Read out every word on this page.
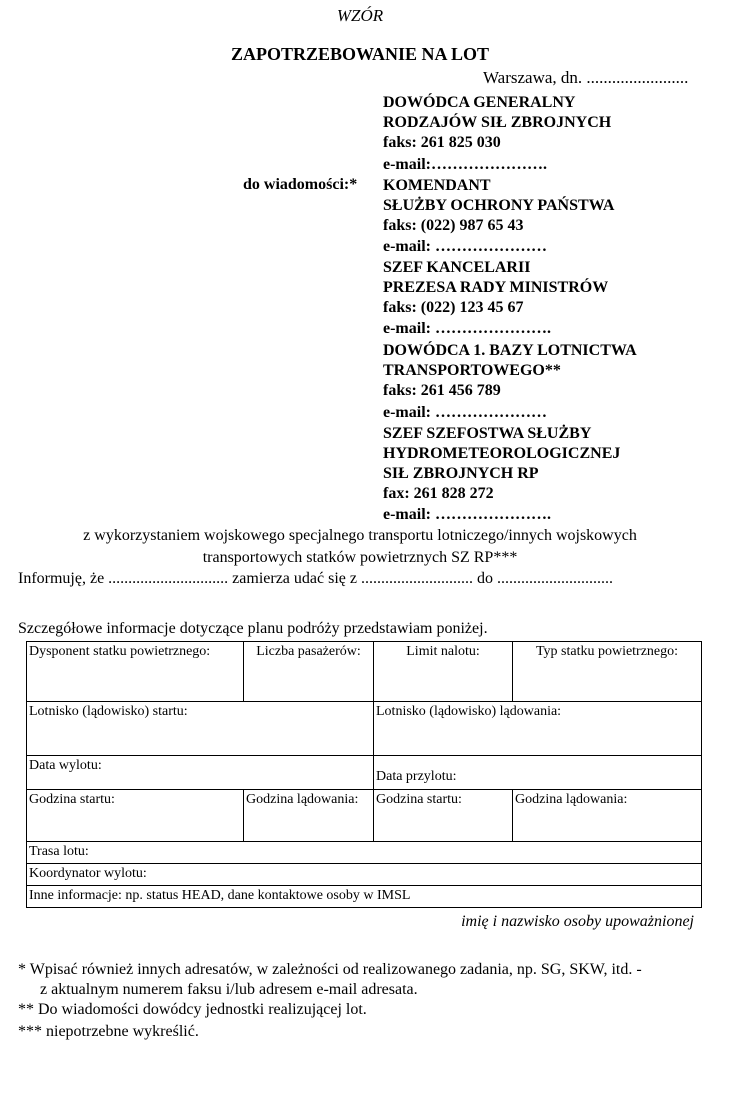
WZÓR
ZAPOTRZEBOWANIE NA LOT
Warszawa, dn. ........................
DOWÓDCA GENERALNY
RODZAJÓW SIŁ ZBROJNYCH
faks: 261 825 030
e-mail:………………….
do wiadomości:* KOMENDANT
SŁUŻBY OCHRONY PAŃSTWA
faks: (022) 987 65 43
e-mail: …………………
SZEF KANCELARII
PREZESA RADY MINISTRÓW
faks: (022) 123 45 67
e-mail: ………………….
DOWÓDCA 1. BAZY LOTNICTWA
TRANSPORTOWEGO**
faks: 261 456 789
e-mail: …………………
SZEF SZEFOSTWA SŁUŻBY
HYDROMETEOROLOGICZNEJ
SIŁ ZBROJNYCH RP
fax: 261 828 272
e-mail: ………………….
z wykorzystaniem wojskowego specjalnego transportu lotniczego/innych wojskowych
transportowych statków powietrznych SZ RP***
Informuję, że .............................. zamierza udać się z ............................ do .............................
Szczegółowe informacje dotyczące planu podróży przedstawiam poniżej.
Dysponent statku powietrznego:	Liczba pasażerów:	Limit nalotu:	Typ statku powietrznego:
Lotnisko (lądowisko) startu:		Lotnisko (lądowisko) lądowania:	
Data wylotu:		Data przylotu:	
Godzina startu:	Godzina lądowania:	Godzina startu:	Godzina lądowania:
Trasa lotu:			
Koordynator wylotu:			
Inne informacje: np. status HEAD, dane kontaktowe osoby w IMSL			
imię i nazwisko osoby upoważnionej
* Wpisać również innych adresatów, w zależności od realizowanego zadania, np. SG, SKW, itd. -
z aktualnym numerem faksu i/lub adresem e-mail adresata.
** Do wiadomości dowódcy jednostki realizującej lot.
*** niepotrzebne wykreślić.
